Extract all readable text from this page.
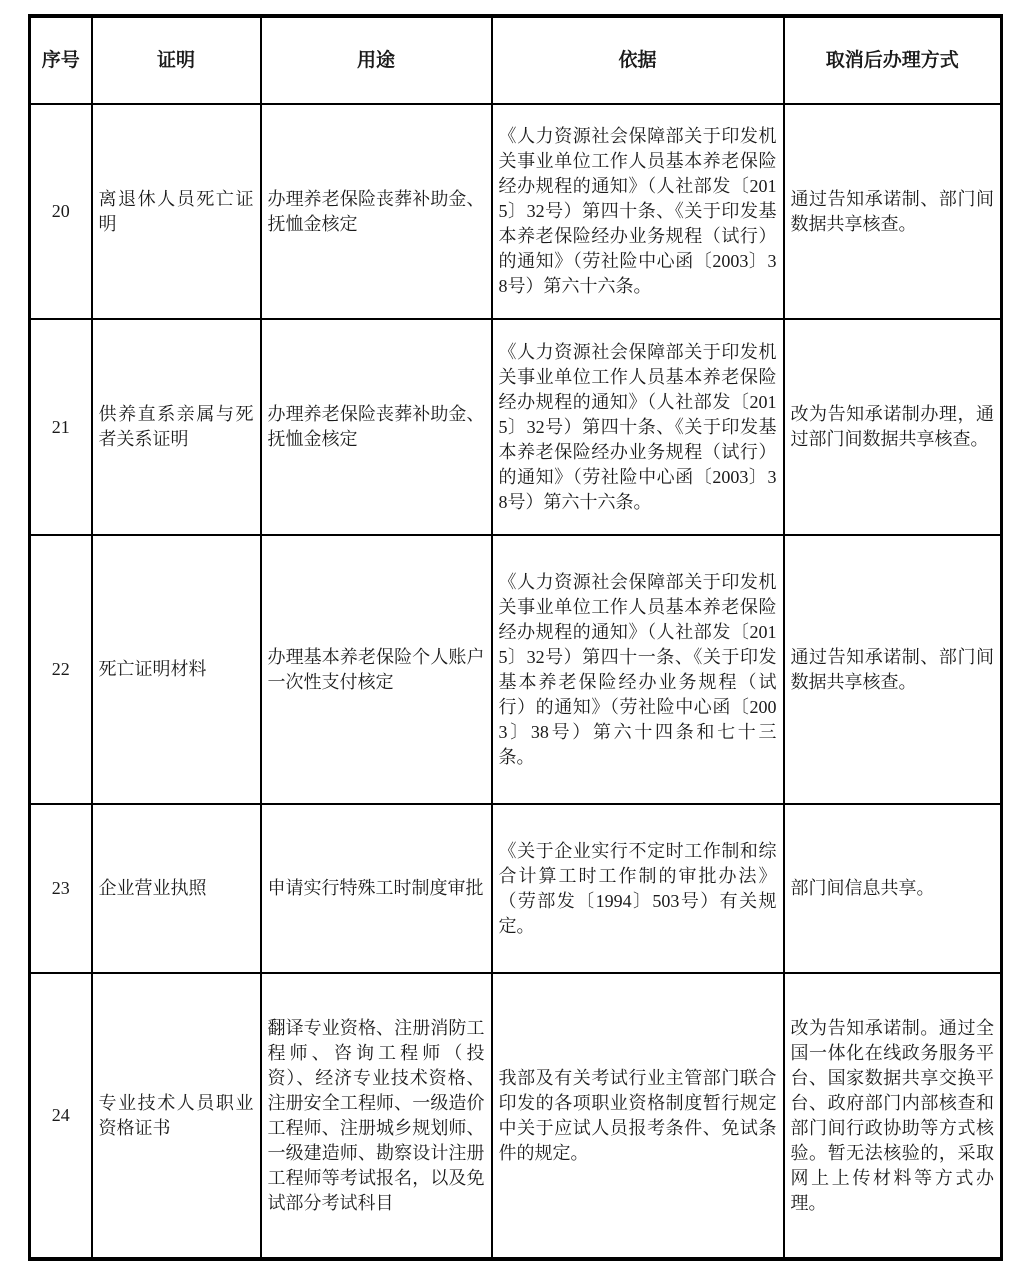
序号	证明	用途	依据	取消后办理方式
20	离退休人员死亡证明	办理养老保险丧葬补助金、抚恤金核定	《人力资源社会保障部关于印发机关事业单位工作人员基本养老保险经办规程的通知》（人社部发〔2015〕32号）第四十条、《关于印发基本养老保险经办业务规程（试行）的通知》（劳社险中心函〔2003〕38号）第六十六条。	通过告知承诺制、部门间数据共享核查。
21	供养直系亲属与死者关系证明	办理养老保险丧葬补助金、抚恤金核定	《人力资源社会保障部关于印发机关事业单位工作人员基本养老保险经办规程的通知》（人社部发〔2015〕32号）第四十条、《关于印发基本养老保险经办业务规程（试行）的通知》（劳社险中心函〔2003〕38号）第六十六条。	改为告知承诺制办理，通过部门间数据共享核查。
22	死亡证明材料	办理基本养老保险个人账户一次性支付核定	《人力资源社会保障部关于印发机关事业单位工作人员基本养老保险经办规程的通知》（人社部发〔2015〕32号）第四十一条、《关于印发基本养老保险经办业务规程（试行）的通知》（劳社险中心函〔2003〕38号）第六十四条和七十三条。	通过告知承诺制、部门间数据共享核查。
23	企业营业执照	申请实行特殊工时制度审批	《关于企业实行不定时工作制和综合计算工时工作制的审批办法》（劳部发〔1994〕503号）有关规定。	部门间信息共享。
24	专业技术人员职业资格证书	翻译专业资格、注册消防工程师、咨询工程师（投资）、经济专业技术资格、注册安全工程师、一级造价工程师、注册城乡规划师、一级建造师、勘察设计注册工程师等考试报名，以及免试部分考试科目	我部及有关考试行业主管部门联合印发的各项职业资格制度暂行规定中关于应试人员报考条件、免试条件的规定。	改为告知承诺制。通过全国一体化在线政务服务平台、国家数据共享交换平台、政府部门内部核查和部门间行政协助等方式核验。暂无法核验的，采取网上上传材料等方式办理。
